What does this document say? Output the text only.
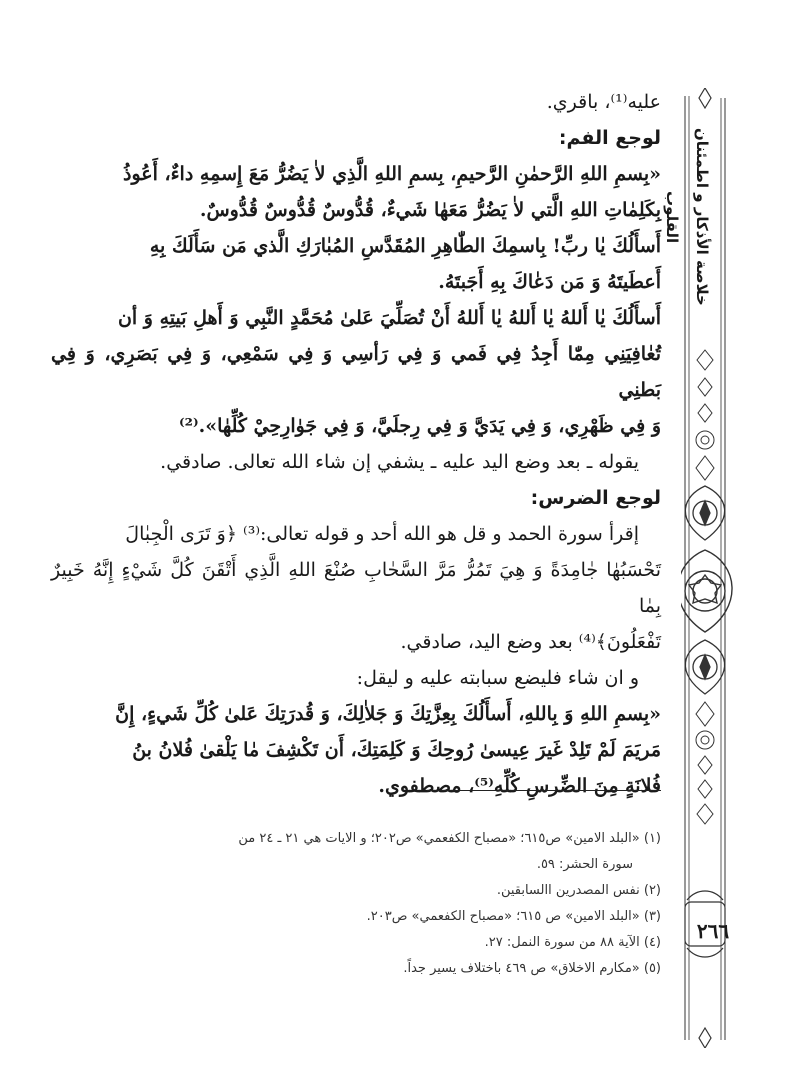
خلاصة الأذكار و اطمئنان القلوب
٢٦٦

عليه⁽¹⁾، باقري.

لوجع الفم:

«بِسمِ اللهِ الرَّحمٰنِ الرَّحيمِ، بِسمِ اللهِ الَّذِي لاٰ يَضُرُّ مَعَ إِسمِهِ داءٌ، أَعُوذُ

بِكَلِمٰاتِ اللهِ الَّتي لاٰ يَضُرُّ مَعَهٰا شَيءٌ، قُدُّوسٌ قُدُّوسٌ قُدُّوسٌ.

أَسأَلُكَ يٰا ربِّ! بِاسمِكَ الطّٰاهِرِ المُقَدَّسِ المُبٰارَكِ الَّذي مَن سَأَلَكَ بِهِ

أَعطَيتَهُ وَ مَن دَعٰاكَ بِهِ أَجَبتَهُ.

أَسأَلُكَ يٰا أَللهُ يٰا أَللهُ يٰا أَللهُ أَنْ تُصَلِّيَ عَلىٰ مُحَمَّدٍ النَّبِي وَ أَهلِ بَيتِهِ وَ أن

تُعٰافِيَنِي مِمّٰا أَجِدُ فِي فَمي وَ فِي رَأسِي وَ فِي سَمْعِي، وَ فِي بَصَرِي، وَ فِي بَطنِي

وَ فِي ظَهْرِي، وَ فِي يَدَيَّ وَ فِي رِجلَيَّ، وَ فِي جَوٰارِحِيْ كُلِّهٰا».⁽²⁾

يقوله ـ بعد وضع اليد عليه ـ يشفي إن شاء الله تعالى. صادقي.

لوجع الضرس:

إقرأ سورة الحمد و قل هو الله أحد و قوله تعالى:⁽³⁾ ﴿وَ تَرَى الْجِبٰالَ

تَحْسَبُهٰا جٰامِدَةً وَ هِيَ تَمُرُّ مَرَّ السَّحٰابِ صُنْعَ اللهِ الَّذِي أَتْقَنَ كُلَّ شَيْءٍ إِنَّهُ خَبِيرٌ بِمٰا

تَفْعَلُونَ﴾⁽⁴⁾ بعد وضع اليد، صادقي.

و ان شاء فليضع سبابته عليه و ليقل:

«بِسمِ اللهِ وَ بِاللهِ، أَسأَلُكَ بِعِزَّتِكَ وَ جَلاٰلِكَ، وَ قُدرَتِكَ عَلىٰ كُلِّ شَيءٍ، إِنَّ

مَريَمَ لَمْ تَلِدْ غَيرَ عِيسىٰ رُوحِكَ وَ كَلِمَتِكَ، أَن تَكْشِفَ مٰا يَلْقىٰ فُلانُ بنُ

فُلانَةٍ مِنَ الضِّرسِ كُلِّهِ⁽⁵⁾، مصطفوي.

(١) «البلد الامين» ص٦١٥؛ «مصباح الكفعمي» ص٢٠٢؛ و الايات هي ٢١ ـ ٢٤ من

سورة الحشر: ٥٩.

(٢) نفس المصدرين االسابقين.

(٣) «البلد الامين» ص ٦١٥؛ «مصباح الكفعمي» ص٢٠٣.

(٤) الآية ٨٨ من سورة النمل: ٢٧.

(٥) «مكارم الاخلاق» ص ٤٦٩ باختلاف يسير جداً.
